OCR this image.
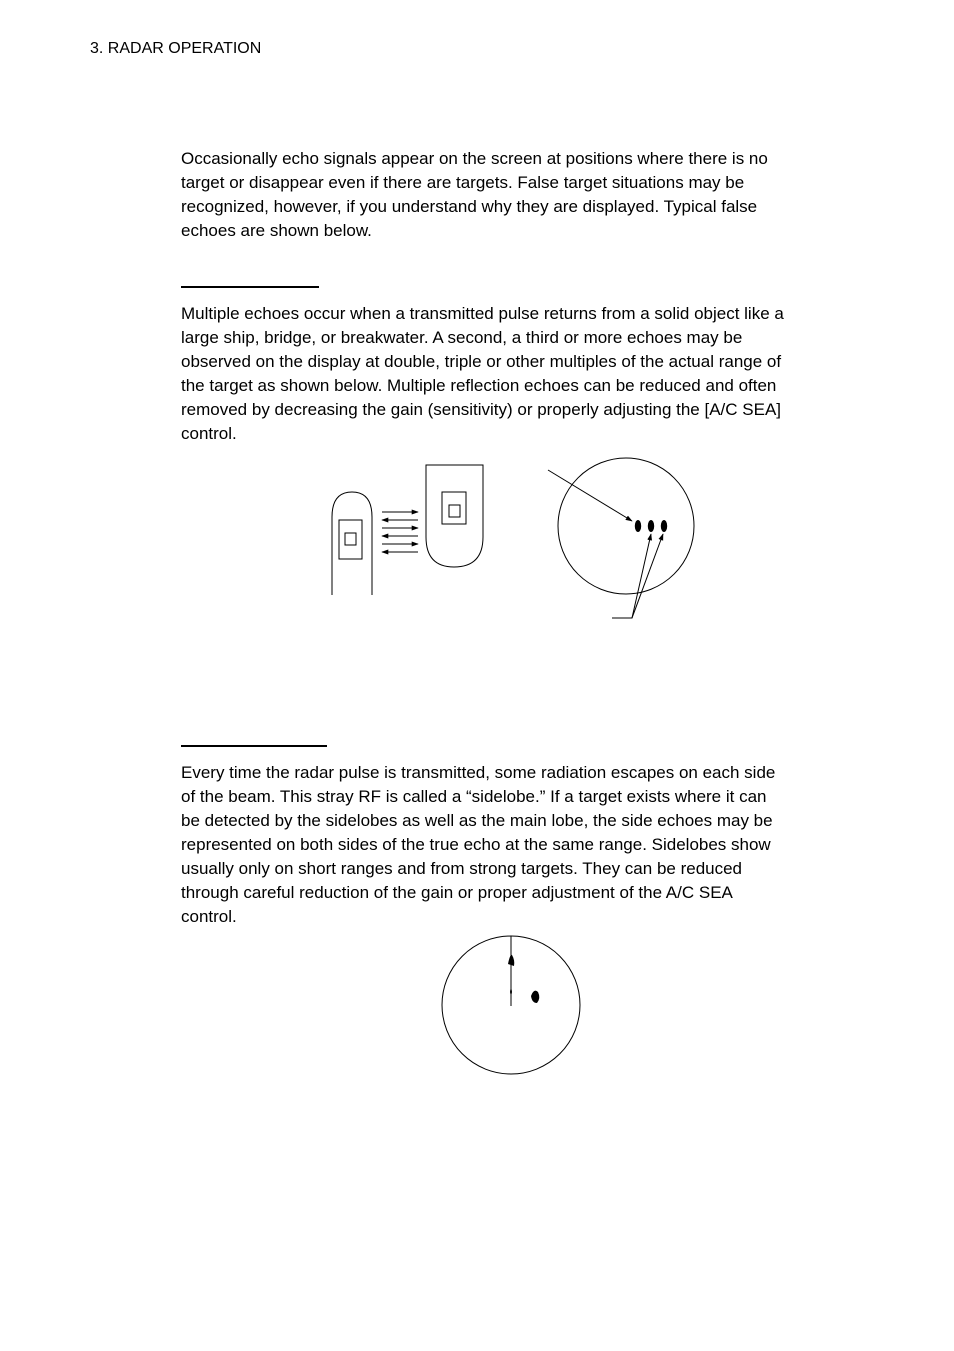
3. RADAR OPERATION

Occasionally echo signals appear on the screen at positions where there is no
target or disappear even if there are targets. False target situations may be
recognized, however, if you understand why they are displayed. Typical false
echoes are shown below.

Multiple echoes occur when a transmitted pulse returns from a solid object like a
large ship, bridge, or breakwater. A second, a third or more echoes may be
observed on the display at double, triple or other multiples of the actual range of
the target as shown below. Multiple reflection echoes can be reduced and often
removed by decreasing the gain (sensitivity) or properly adjusting the [A/C SEA]
control.

Every time the radar pulse is transmitted, some radiation escapes on each side
of the beam. This stray RF is called a “sidelobe.” If a target exists where it can
be detected by the sidelobes as well as the main lobe, the side echoes may be
represented on both sides of the true echo at the same range. Sidelobes show
usually only on short ranges and from strong targets. They can be reduced
through careful reduction of the gain or proper adjustment of the A/C SEA
control.
